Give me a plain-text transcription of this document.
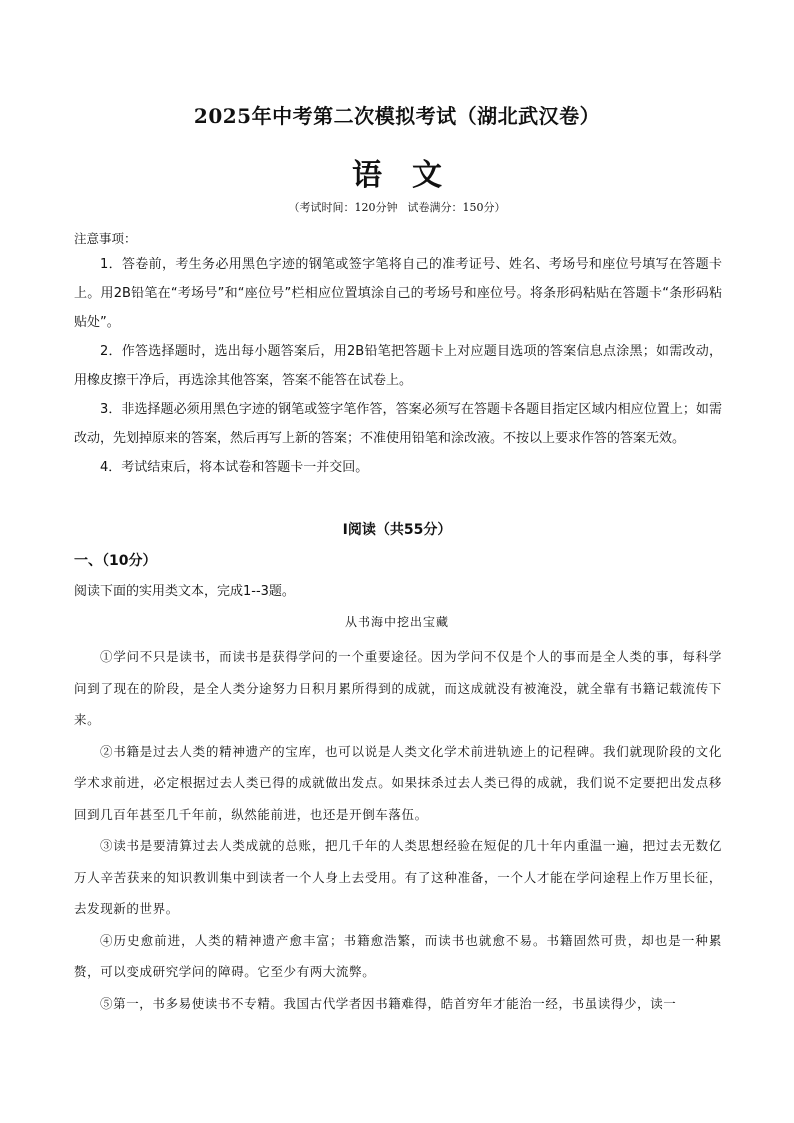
2025年中考第二次模拟考试（湖北武汉卷）
语文
（考试时间：120分钟 试卷满分：150分）
注意事项：

1．答卷前，考生务必用黑色字迹的钢笔或签字笔将自己的准考证号、姓名、考场号和座位号填写在答题卡上。用2B铅笔在“考场号”和“座位号”栏相应位置填涂自己的考场号和座位号。将条形码粘贴在答题卡“条形码粘贴处”。

2．作答选择题时，选出每小题答案后，用2B铅笔把答题卡上对应题目选项的答案信息点涂黑；如需改动，用橡皮擦干净后，再选涂其他答案，答案不能答在试卷上。

3．非选择题必须用黑色字迹的钢笔或签字笔作答，答案必须写在答题卡各题目指定区域内相应位置上；如需改动，先划掉原来的答案，然后再写上新的答案；不准使用铅笔和涂改液。不按以上要求作答的答案无效。

4．考试结束后，将本试卷和答题卡一并交回。

Ⅰ阅读（共55分）
一、（10分）
阅读下面的实用类文本，完成1--3题。
从书海中挖出宝藏

①学问不只是读书，而读书是获得学问的一个重要途径。因为学问不仅是个人的事而是全人类的事，每科学问到了现在的阶段，是全人类分途努力日积月累所得到的成就，而这成就没有被淹没，就全靠有书籍记载流传下来。

②书籍是过去人类的精神遗产的宝库，也可以说是人类文化学术前进轨迹上的记程碑。我们就现阶段的文化学术求前进，必定根据过去人类已得的成就做出发点。如果抹杀过去人类已得的成就，我们说不定要把出发点移回到几百年甚至几千年前，纵然能前进，也还是开倒车落伍。

③读书是要清算过去人类成就的总账，把几千年的人类思想经验在短促的几十年内重温一遍，把过去无数亿万人辛苦获来的知识教训集中到读者一个人身上去受用。有了这种准备，一个人才能在学问途程上作万里长征，去发现新的世界。

④历史愈前进，人类的精神遗产愈丰富；书籍愈浩繁，而读书也就愈不易。书籍固然可贵，却也是一种累赘，可以变成研究学问的障碍。它至少有两大流弊。

⑤第一，书多易使读书不专精。我国古代学者因书籍难得，皓首穷年才能治一经，书虽读得少，读一
